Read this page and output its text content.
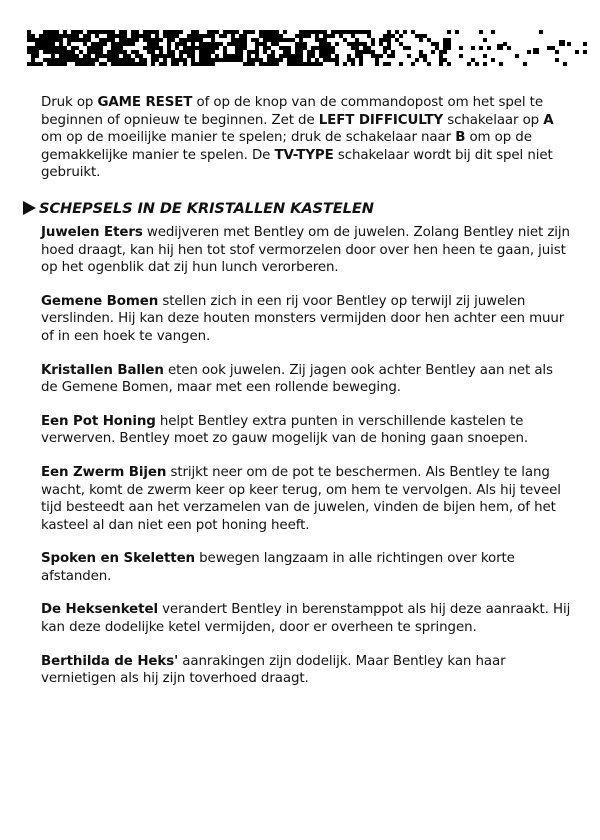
Druk op GAME RESET of op de knop van de commandopost om het spel te beginnen of opnieuw te beginnen. Zet de LEFT DIFFICULTY schakelaar op A om op de moeilijke manier te spelen; druk de schakelaar naar B om op de gemakkelijke manier te spelen. De TV-TYPE schakelaar wordt bij dit spel niet gebruikt.

SCHEPSELS IN DE KRISTALLEN KASTELEN

Juwelen Eters wedijveren met Bentley om de juwelen. Zolang Bentley niet zijn hoed draagt, kan hij hen tot stof vermorzelen door over hen heen te gaan, juist op het ogenblik dat zij hun lunch verorberen.

Gemene Bomen stellen zich in een rij voor Bentley op terwijl zij juwelen verslinden. Hij kan deze houten monsters vermijden door hen achter een muur of in een hoek te vangen.

Kristallen Ballen eten ook juwelen. Zij jagen ook achter Bentley aan net als de Gemene Bomen, maar met een rollende beweging.

Een Pot Honing helpt Bentley extra punten in verschillende kastelen te verwerven. Bentley moet zo gauw mogelijk van de honing gaan snoepen.

Een Zwerm Bijen strijkt neer om de pot te beschermen. Als Bentley te lang wacht, komt de zwerm keer op keer terug, om hem te vervolgen. Als hij teveel tijd besteedt aan het verzamelen van de juwelen, vinden de bijen hem, of het kasteel al dan niet een pot honing heeft.

Spoken en Skeletten bewegen langzaam in alle richtingen over korte afstanden.

De Heksenketel verandert Bentley in berenstamppot als hij deze aanraakt. Hij kan deze dodelijke ketel vermijden, door er overheen te springen.

Berthilda de Heks' aanrakingen zijn dodelijk. Maar Bentley kan haar vernietigen als hij zijn toverhoed draagt.
